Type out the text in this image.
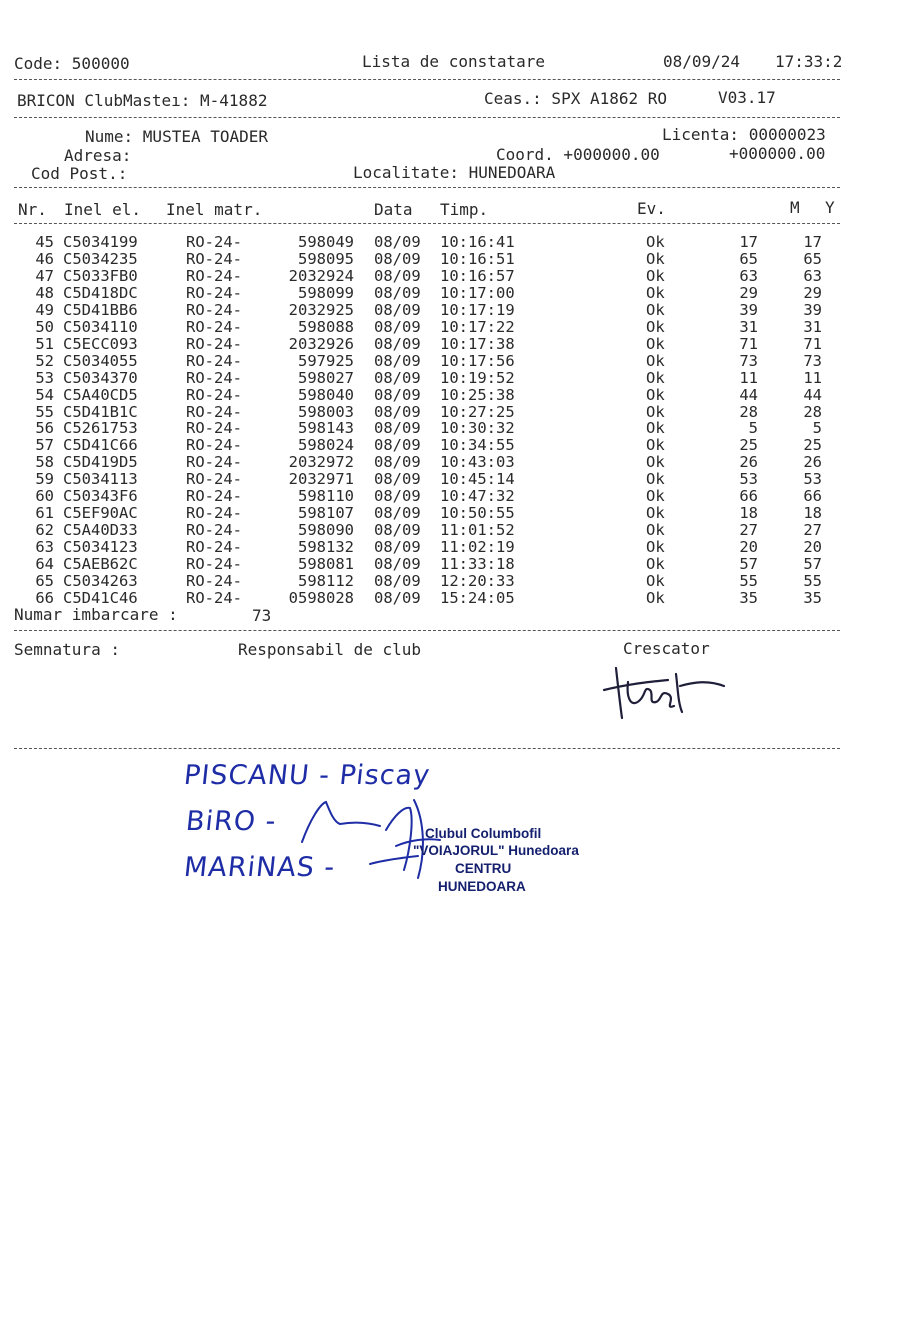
Code: 500000	Lista de constatare	08/09/24 17:33:2
BRICON ClubMasteı: M-41882	Ceas.: SPX A1862 RO	V03.17
Nume: MUSTEA TOADER	Licenta: 00000023
Adresa:	Coord. +000000.00	+000000.00
Cod Post.:	Localitate: HUNEDOARA
Nr. Inel el. Inel matr.	Data Timp.	Ev.	M Y
45 C5034199	RO-24-	598049 08/09 10:16:41	Ok	17	17
46 C5034235	RO-24-	598095 08/09 10:16:51	Ok	65	65
47 C5033FB0	RO-24-	2032924 08/09 10:16:57	Ok	63	63
48 C5D418DC	RO-24-	598099 08/09 10:17:00	Ok	29	29
49 C5D41BB6	RO-24-	2032925 08/09 10:17:19	Ok	39	39
50 C5034110	RO-24-	598088 08/09 10:17:22	Ok	31	31
51 C5ECC093	RO-24-	2032926 08/09 10:17:38	Ok	71	71
52 C5034055	RO-24-	597925 08/09 10:17:56	Ok	73	73
53 C5034370	RO-24-	598027 08/09 10:19:52	Ok	11	11
54 C5A40CD5	RO-24-	598040 08/09 10:25:38	Ok	44	44
55 C5D41B1C	RO-24-	598003 08/09 10:27:25	Ok	28	28
56 C5261753	RO-24-	598143 08/09 10:30:32	Ok	5	5
57 C5D41C66	RO-24-	598024 08/09 10:34:55	Ok	25	25
58 C5D419D5	RO-24-	2032972 08/09 10:43:03	Ok	26	26
59 C5034113	RO-24-	2032971 08/09 10:45:14	Ok	53	53
60 C50343F6	RO-24-	598110 08/09 10:47:32	Ok	66	66
61 C5EF90AC	RO-24-	598107 08/09 10:50:55	Ok	18	18
62 C5A40D33	RO-24-	598090 08/09 11:01:52	Ok	27	27
63 C5034123	RO-24-	598132 08/09 11:02:19	Ok	20	20
64 C5AEB62C	RO-24-	598081 08/09 11:33:18	Ok	57	57
65 C5034263	RO-24-	598112 08/09 12:20:33	Ok	55	55
66 C5D41C46	RO-24-	0598028 08/09 15:24:05	Ok	35	35
Numar imbarcare :	73
Semnatura :	Responsabil de club	Crescator
PISCANU - Piscay
BiRO -
MARiNAS -
Clubul Columbofil
"VOIAJORUL" Hunedoara
CENTRU
HUNEDOARA
